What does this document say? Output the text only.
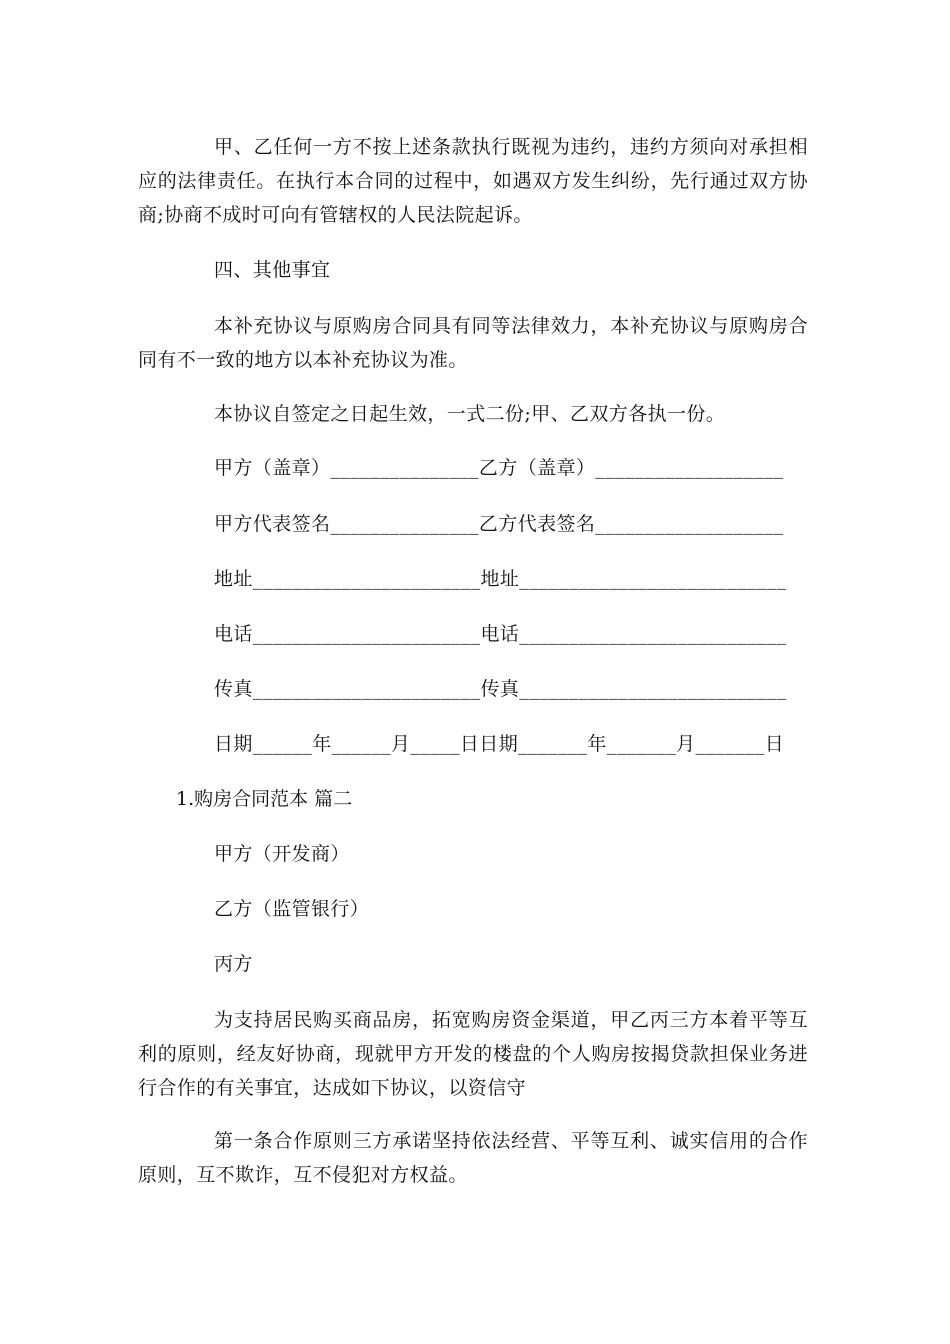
甲、乙任何一方不按上述条款执行既视为违约，违约方须向对承担相应的法律责任。在执行本合同的过程中，如遇双方发生纠纷，先行通过双方协商;协商不成时可向有管辖权的人民法院起诉。

四、其他事宜

本补充协议与原购房合同具有同等法律效力，本补充协议与原购房合同有不一致的地方以本补充协议为准。

本协议自签定之日起生效，一式二份;甲、乙双方各执一份。

甲方（盖章）_______________乙方（盖章）___________________

甲方代表签名_______________乙方代表签名___________________

地址_______________________地址___________________________

电话_______________________电话___________________________

传真_______________________传真___________________________

日期______年______月_____日日期_______年_______月_______日

1.购房合同范本 篇二

甲方（开发商）

乙方（监管银行）

丙方

为支持居民购买商品房，拓宽购房资金渠道，甲乙丙三方本着平等互利的原则，经友好协商，现就甲方开发的楼盘的个人购房按揭贷款担保业务进行合作的有关事宜，达成如下协议，以资信守

第一条合作原则三方承诺坚持依法经营、平等互利、诚实信用的合作原则，互不欺诈，互不侵犯对方权益。
